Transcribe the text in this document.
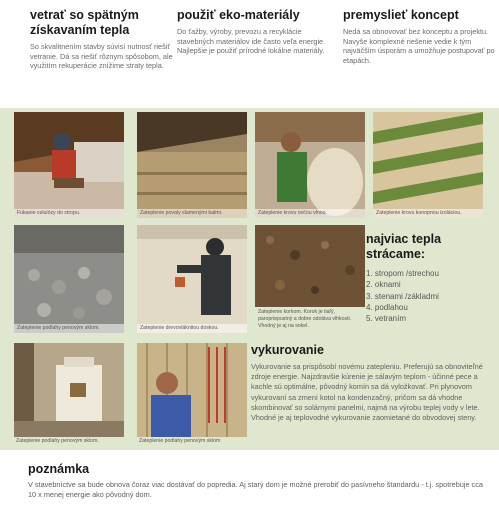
vetrať so spätným získavaním tepla

So skvalitnením stavby súvisí nutnosť riešiť vetranie. Dá sa riešiť rôznym spôsobom, ale využitím rekuperácie znížime straty tepla.

použiť eko-materiály

Do ťažby, výroby, prevozu a recyklácie stavebných materiálov ide často veľa energie. Najlepšie je použiť prírodné lokálne materiály.

premyslieť koncept

Nedá sa obnovovať bez konceptu a projektu. Navyše komplexné riešenie vedie k tým najväčším úsporám a umožňuje postupovať po etapách.

Fúkanie celulózy do stropu.	Zateplenie povaly slamenými balmi.	Zateplenie krovu ovčou vlnou.	Zateplenie krovu konopnou izoláciou.
Zateplenie podlahy penovým sklom.	Zateplenie drevovláknitou doskou.
Zateplenie korkom. Korok je tiaľý, paropriepustný a dobre odoláva vlhkosti. Vhodný je aj na sokel.
najviac tepla strácame:
1. stropom /strechou
2. oknami
3. stenami /základmi
4. podlahou
5. vetraním
Zateplenie podlahy penovým sklom.	Zateplenie podlahy penovým sklom
vykurovanie

Vykurovanie sa prispôsobí novému zatepleniu. Preferujú sa obnoviteľné zdroje energie. Najzdravšie kúrenie je sálavým teplom - účinné pece a kachle sú optimálne, pôvodný komín sa dá vyložkovať. Pri plynovom vykurovaní sa zmení kotol na kondenzačný, pričom sa dá vhodne skombinovať so solárnymi panelmi, najmä na výrobu teplej vody v lete. Vhodné je aj teplovodné vykurovanie zaomietané do obvodovej steny.

poznámka

V stavebníctve sa bude obnova čoraz viac dostávať do popredia. Aj starý dom je možné prerobiť do pasívneho štandardu - t.j. spotrebuje cca 10 x menej energie ako pôvodný dom.
